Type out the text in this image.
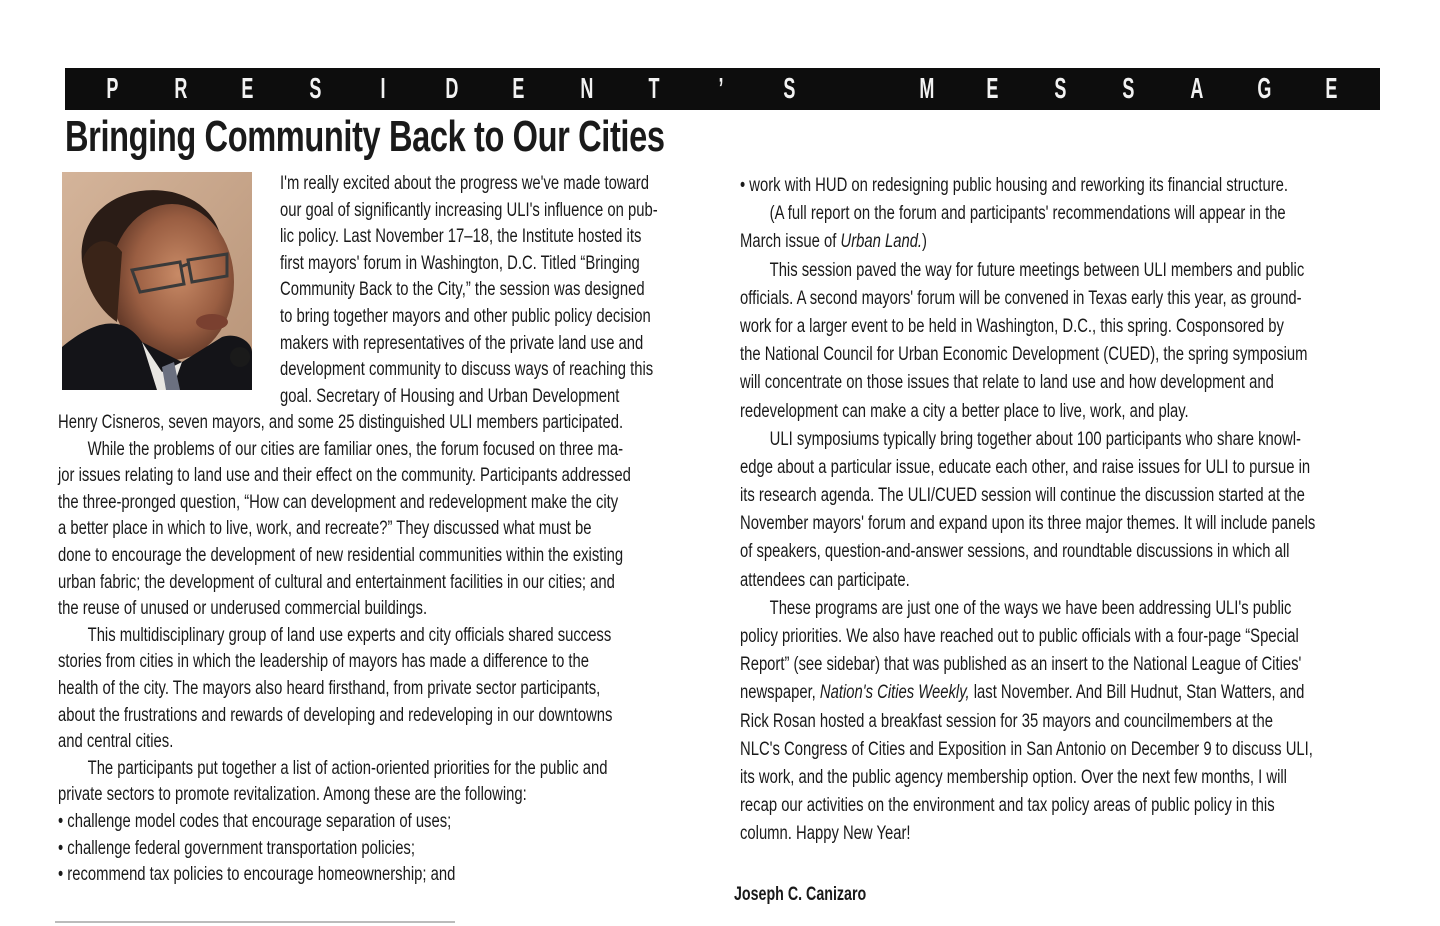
P R E S I D E N T ’ S	M E S S A G E
Bringing Community Back to Our Cities
I'm really excited about the progress we've made toward
our goal of significantly increasing ULI's influence on pub-
lic policy. Last November 17–18, the Institute hosted its
first mayors' forum in Washington, D.C. Titled “Bringing
Community Back to the City,” the session was designed
to bring together mayors and other public policy decision
makers with representatives of the private land use and
development community to discuss ways of reaching this
goal. Secretary of Housing and Urban Development
Henry Cisneros, seven mayors, and some 25 distinguished ULI members participated.
While the problems of our cities are familiar ones, the forum focused on three ma-
jor issues relating to land use and their effect on the community. Participants addressed
the three-pronged question, “How can development and redevelopment make the city
a better place in which to live, work, and recreate?” They discussed what must be
done to encourage the development of new residential communities within the existing
urban fabric; the development of cultural and entertainment facilities in our cities; and
the reuse of unused or underused commercial buildings.
This multidisciplinary group of land use experts and city officials shared success
stories from cities in which the leadership of mayors has made a difference to the
health of the city. The mayors also heard firsthand, from private sector participants,
about the frustrations and rewards of developing and redeveloping in our downtowns
and central cities.
The participants put together a list of action-oriented priorities for the public and
private sectors to promote revitalization. Among these are the following:
• challenge model codes that encourage separation of uses;
• challenge federal government transportation policies;
• recommend tax policies to encourage homeownership; and
• work with HUD on redesigning public housing and reworking its financial structure.
(A full report on the forum and participants' recommendations will appear in the
March issue of Urban Land.)
This session paved the way for future meetings between ULI members and public
officials. A second mayors' forum will be convened in Texas early this year, as ground-
work for a larger event to be held in Washington, D.C., this spring. Cosponsored by
the National Council for Urban Economic Development (CUED), the spring symposium
will concentrate on those issues that relate to land use and how development and
redevelopment can make a city a better place to live, work, and play.
ULI symposiums typically bring together about 100 participants who share knowl-
edge about a particular issue, educate each other, and raise issues for ULI to pursue in
its research agenda. The ULI/CUED session will continue the discussion started at the
November mayors' forum and expand upon its three major themes. It will include panels
of speakers, question-and-answer sessions, and roundtable discussions in which all
attendees can participate.
These programs are just one of the ways we have been addressing ULI's public
policy priorities. We also have reached out to public officials with a four-page “Special
Report” (see sidebar) that was published as an insert to the National League of Cities'
newspaper, Nation's Cities Weekly, last November. And Bill Hudnut, Stan Watters, and
Rick Rosan hosted a breakfast session for 35 mayors and councilmembers at the
NLC's Congress of Cities and Exposition in San Antonio on December 9 to discuss ULI,
its work, and the public agency membership option. Over the next few months, I will
recap our activities on the environment and tax policy areas of public policy in this
column. Happy New Year!
Joseph C. Canizaro
